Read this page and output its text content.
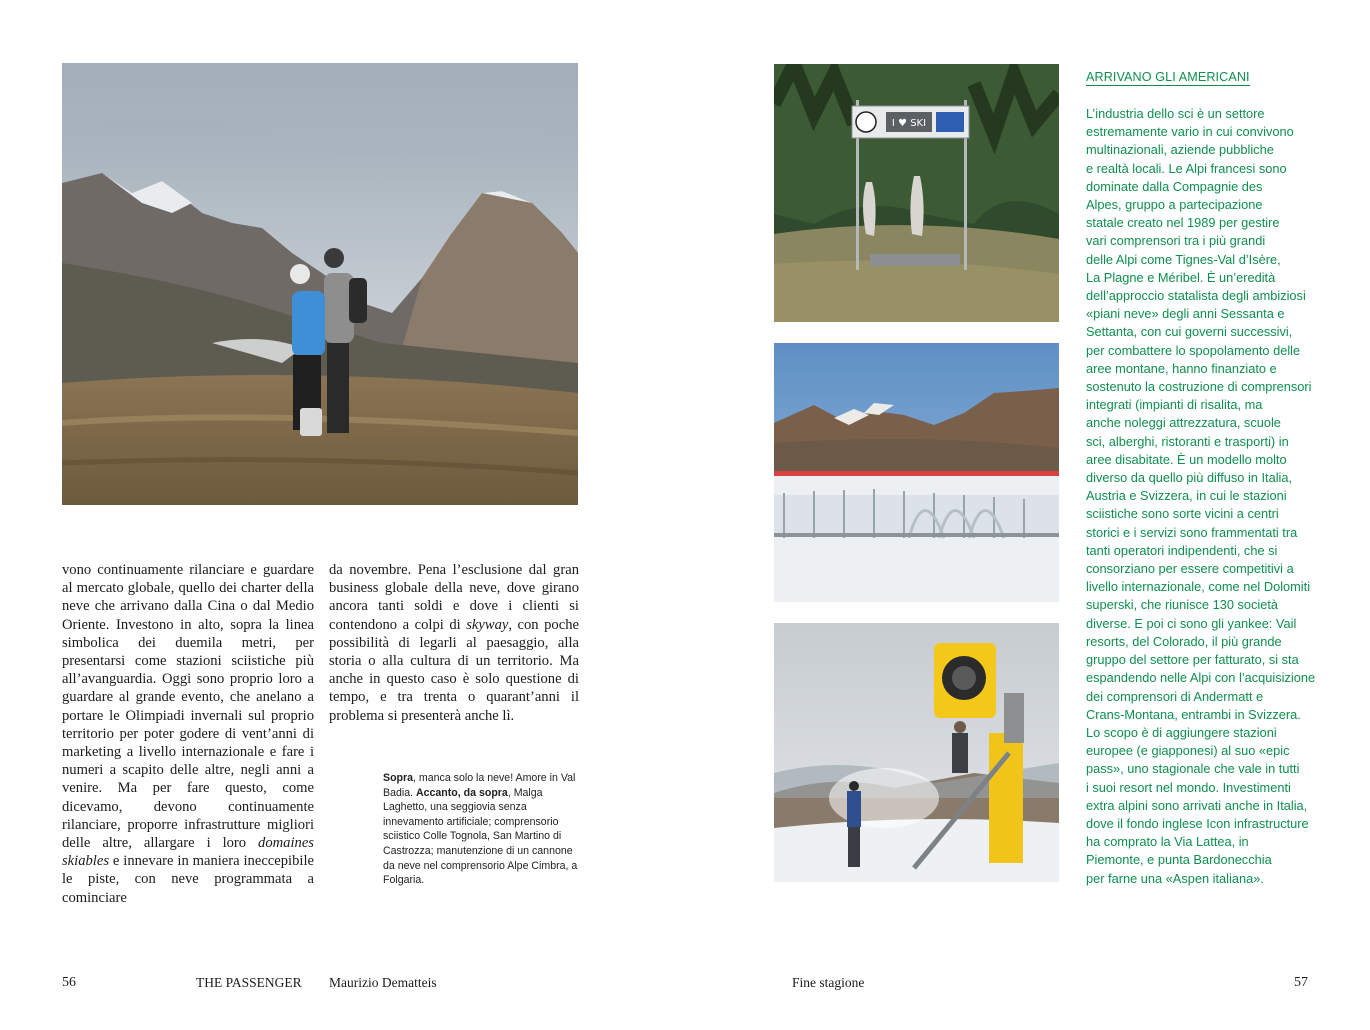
I ♥ SKI
vono continuamente rilanciare e guardare al mercato globale, quello dei charter della neve che arrivano dalla Cina o dal Medio Oriente. Investono in alto, sopra la linea simbolica dei duemila metri, per presentarsi come stazioni sciistiche più all’avanguardia. Oggi sono proprio loro a guardare al grande evento, che anelano a portare le Olimpiadi invernali sul proprio territorio per poter godere di vent’anni di marketing a livello internazionale e fare i numeri a scapito delle altre, negli anni a venire. Ma per fare questo, come dicevamo, devono continuamente rilanciare, proporre infrastrutture migliori delle altre, allargare i loro domaines skiables e innevare in maniera ineccepibile le piste, con neve programmata a cominciare
da novembre. Pena l’esclusione dal gran business globale della neve, dove girano ancora tanti soldi e dove i clienti si contendono a colpi di skyway, con poche possibilità di legarli al paesaggio, alla storia o alla cultura di un territorio. Ma anche in questo caso è solo questione di tempo, e tra trenta o quarant’anni il problema si presenterà anche lì.
Sopra, manca solo la neve! Amore in Val Badia. Accanto, da sopra, Malga Laghetto, una seggiovia senza innevamento artificiale; comprensorio sciistico Colle Tognola, San Martino di Castrozza; manutenzione di un cannone da neve nel comprensorio Alpe Cimbra, a Folgaria.
ARRIVANO GLI AMERICANI
L’industria dello sci è un settore
estremamente vario in cui convivono
multinazionali, aziende pubbliche
e realtà locali. Le Alpi francesi sono
dominate dalla Compagnie des
Alpes, gruppo a partecipazione
statale creato nel 1989 per gestire
vari comprensori tra i più grandi
delle Alpi come Tignes-Val d’Isère,
La Plagne e Méribel. È un’eredità
dell’approccio statalista degli ambiziosi
«piani neve» degli anni Sessanta e
Settanta, con cui governi successivi,
per combattere lo spopolamento delle
aree montane, hanno finanziato e
sostenuto la costruzione di comprensori
integrati (impianti di risalita, ma
anche noleggi attrezzatura, scuole
sci, alberghi, ristoranti e trasporti) in
aree disabitate. È un modello molto
diverso da quello più diffuso in Italia,
Austria e Svizzera, in cui le stazioni
sciistiche sono sorte vicini a centri
storici e i servizi sono frammentati tra
tanti operatori indipendenti, che si
consorziano per essere competitivi a
livello internazionale, come nel Dolomiti
superski, che riunisce 130 società
diverse. E poi ci sono gli yankee: Vail
resorts, del Colorado, il più grande
gruppo del settore per fatturato, si sta
espandendo nelle Alpi con l’acquisizione
dei comprensori di Andermatt e
Crans-Montana, entrambi in Svizzera.
Lo scopo è di aggiungere stazioni
europee (e giapponesi) al suo «epic
pass», uno stagionale che vale in tutti
i suoi resort nel mondo. Investimenti
extra alpini sono arrivati anche in Italia,
dove il fondo inglese Icon infrastructure
ha comprato la Via Lattea, in
Piemonte, e punta Bardonecchia
per farne una «Aspen italiana».
56	THE PASSENGER Maurizio Dematteis	Fine stagione	57
